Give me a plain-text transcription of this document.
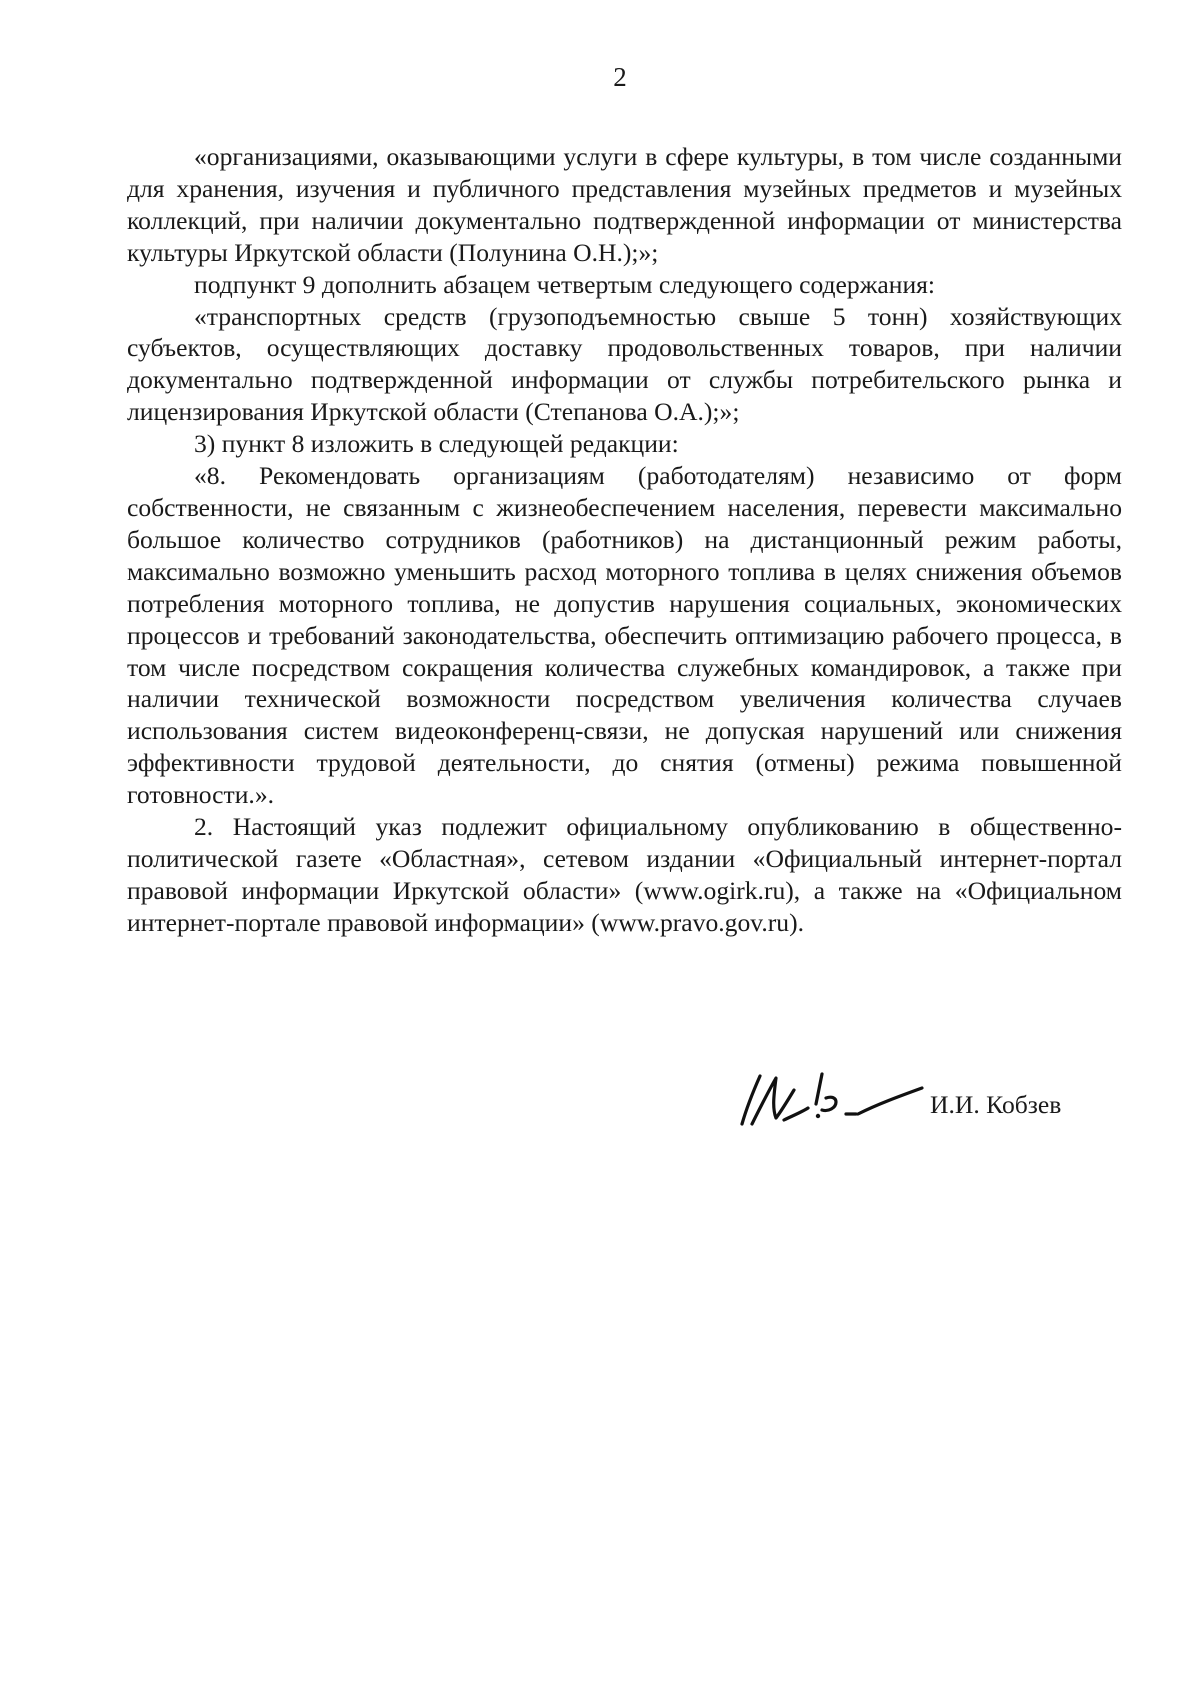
2

«организациями, оказывающими услуги в сфере культуры, в том числе созданными для хранения, изучения и публичного представления музейных предметов и музейных коллекций, при наличии документально подтвержденной информации от министерства культуры Иркутской области (Полунина О.Н.);»;

подпункт 9 дополнить абзацем четвертым следующего содержания:

«транспортных средств (грузоподъемностью свыше 5 тонн) хозяйствующих субъектов, осуществляющих доставку продовольственных товаров, при наличии документально подтвержденной информации от службы потребительского рынка и лицензирования Иркутской области (Степанова О.А.);»;

3) пункт 8 изложить в следующей редакции:

«8. Рекомендовать организациям (работодателям) независимо от форм собственности, не связанным с жизнеобеспечением населения, перевести максимально большое количество сотрудников (работников) на дистанционный режим работы, максимально возможно уменьшить расход моторного топлива в целях снижения объемов потребления моторного топлива, не допустив нарушения социальных, экономических процессов и требований законодательства, обеспечить оптимизацию рабочего процесса, в том числе посредством сокращения количества служебных командировок, а также при наличии технической возможности посредством увеличения количества случаев использования систем видеоконференц-связи, не допуская нарушений или снижения эффективности трудовой деятельности, до снятия (отмены) режима повышенной готовности.».

2. Настоящий указ подлежит официальному опубликованию в общественно-политической газете «Областная», сетевом издании «Официальный интернет-портал правовой информации Иркутской области» (www.ogirk.ru), а также на «Официальном интернет-портале правовой информации» (www.pravo.gov.ru).

И.И. Кобзев
